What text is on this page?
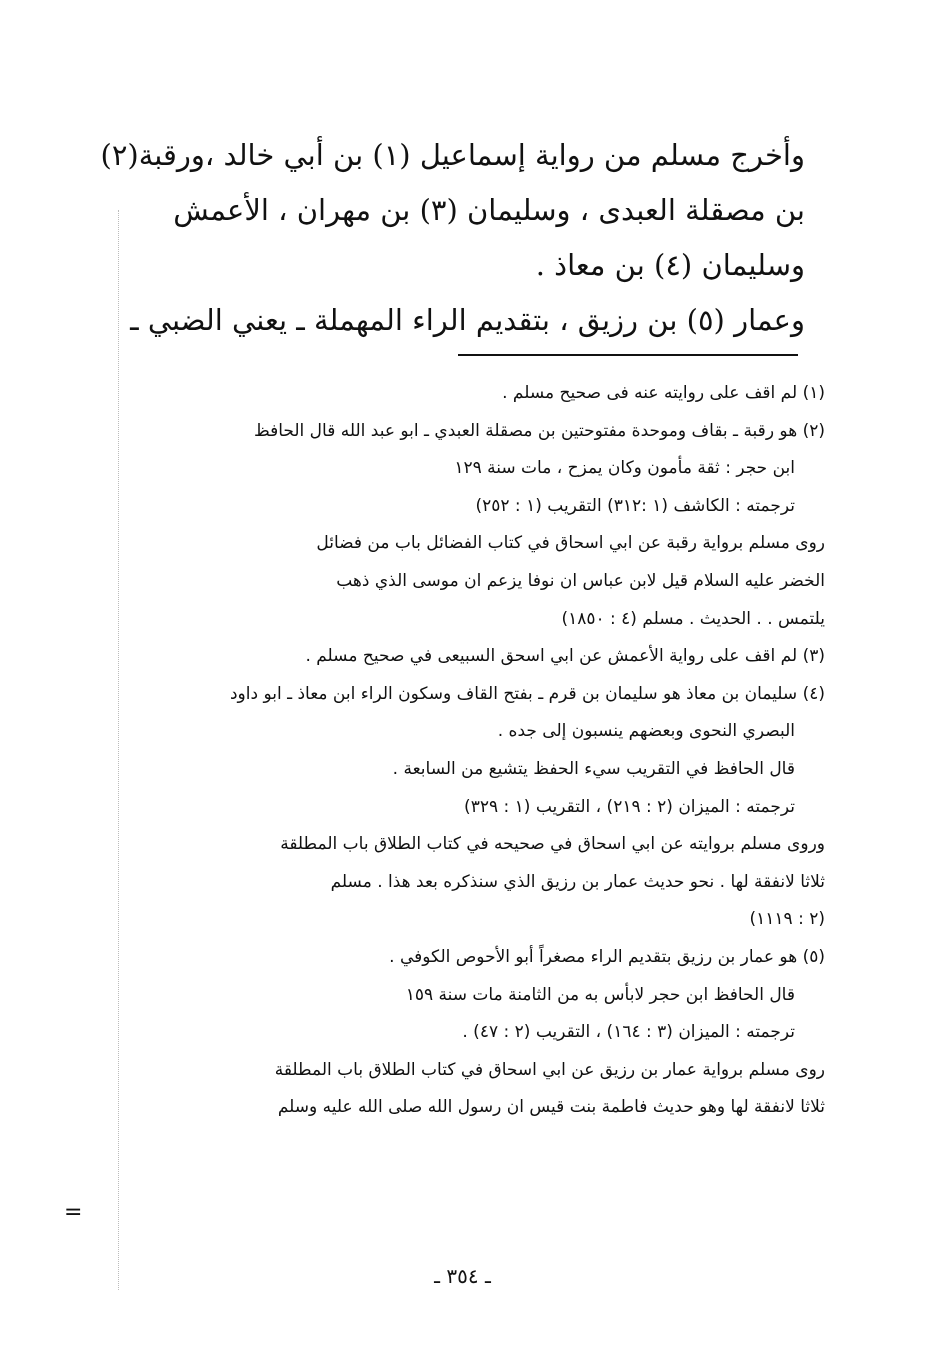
وأخرج مسلم من رواية إسماعيل (١) بن أبي خالد ،ورقبة(٢)

بن مصقلة العبدى ، وسليمان (٣) بن مهران ، الأعمش

وسليمان (٤) بن معاذ .

وعمار (٥) بن رزيق ، بتقديم الراء المهملة ـ يعني الضبي ـ

(١) لم اقف على روايته عنه فى صحيح مسلم .
(٢) هو رقبة ـ بقاف وموحدة مفتوحتين بن مصقلة العبدي ـ ابو عبد الله قال الحافظ
ابن حجر : ثقة مأمون وكان يمزح ، مات سنة ١٢٩
ترجمته : الكاشف (١ :٣١٢) التقريب (١ : ٢٥٢)
روى مسلم برواية رقبة عن ابي اسحاق في كتاب الفضائل باب من فضائل
الخضر عليه السلام قيل لابن عباس ان نوفا يزعم ان موسى الذي ذهب
يلتمس . . الحديث . مسلم (٤ : ١٨٥٠)
(٣) لم اقف على رواية الأعمش عن ابي اسحق السبيعى في صحيح مسلم .
(٤) سليمان بن معاذ هو سليمان بن قرم ـ بفتح القاف وسكون الراء ابن معاذ ـ ابو داود
البصري النحوى وبعضهم ينسبون إلى جده .
قال الحافظ في التقريب سيء الحفظ يتشيع من السابعة .
ترجمته : الميزان (٢ : ٢١٩) ، التقريب (١ : ٣٢٩)
وروى مسلم بروايته عن ابي اسحاق في صحيحه في كتاب الطلاق باب المطلقة
ثلاثا لانفقة لها . نحو حديث عمار بن رزيق الذي سنذكره بعد هذا . مسلم
(٢ : ١١١٩)
(٥) هو عمار بن رزيق بتقديم الراء مصغراً أبو الأحوص الكوفي .
قال الحافظ ابن حجر لابأس به من الثامنة مات سنة ١٥٩
ترجمته : الميزان (٣ : ١٦٤) ، التقريب (٢ : ٤٧) .
روى مسلم برواية عمار بن رزيق عن ابي اسحاق في كتاب الطلاق باب المطلقة
ثلاثا لانفقة لها وهو حديث فاطمة بنت قيس ان رسول الله صلى الله عليه وسلم
=
ـ ٣٥٤ ـ
